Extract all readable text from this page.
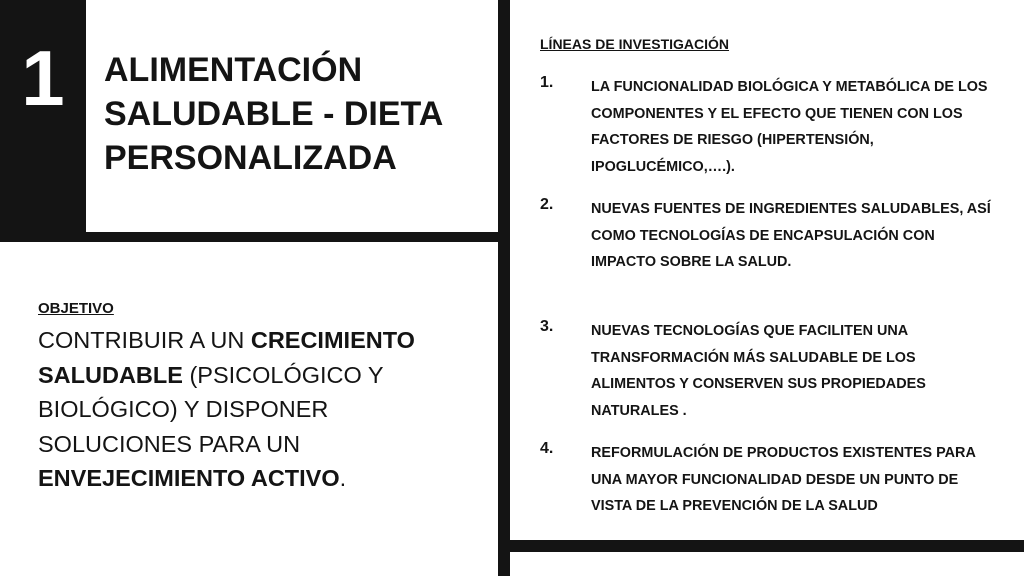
1	ALIMENTACIÓN SALUDABLE - DIETA PERSONALIZADA
OBJETIVO
CONTRIBUIR A UN CRECIMIENTO SALUDABLE (PSICOLÓGICO Y BIOLÓGICO) Y DISPONER SOLUCIONES PARA UN ENVEJECIMIENTO ACTIVO.
LÍNEAS DE INVESTIGACIÓN
1.	LA FUNCIONALIDAD BIOLÓGICA Y METABÓLICA DE LOS COMPONENTES Y EL EFECTO QUE TIENEN CON LOS FACTORES DE RIESGO (HIPERTENSIÓN, IPOGLUCÉMICO,….).
2.	NUEVAS FUENTES DE INGREDIENTES SALUDABLES, ASÍ COMO TECNOLOGÍAS DE ENCAPSULACIÓN CON IMPACTO SOBRE LA SALUD.
3.	NUEVAS TECNOLOGÍAS QUE FACILITEN UNA TRANSFORMACIÓN MÁS SALUDABLE DE LOS ALIMENTOS Y CONSERVEN SUS PROPIEDADES NATURALES .
4.	REFORMULACIÓN DE PRODUCTOS EXISTENTES PARA UNA MAYOR FUNCIONALIDAD DESDE UN PUNTO DE VISTA DE LA PREVENCIÓN DE LA SALUD
